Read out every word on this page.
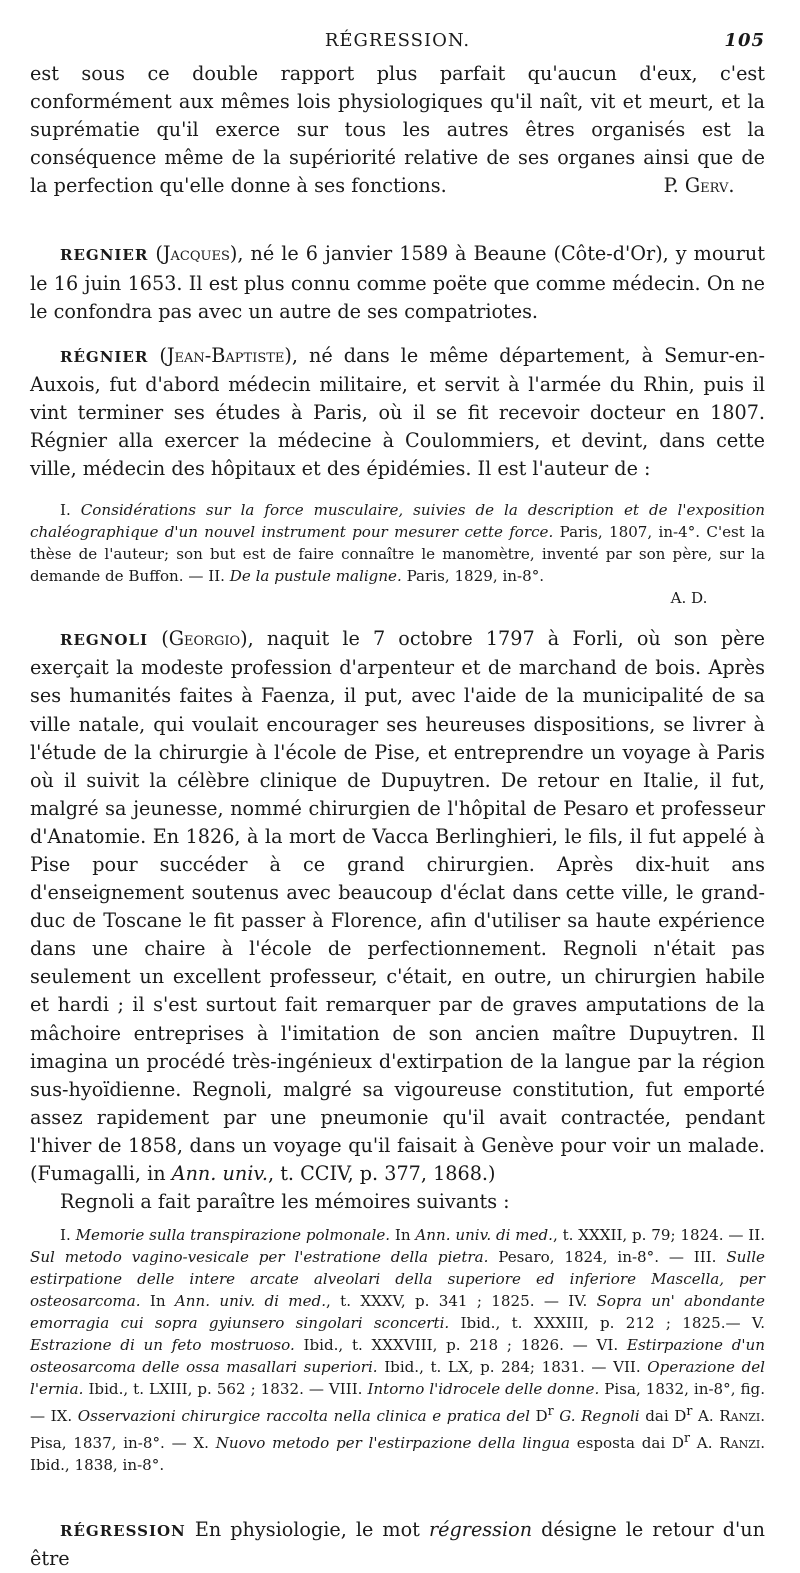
RÉGRESSION.	105

est sous ce double rapport plus parfait qu'aucun d'eux, c'est conformément aux mêmes lois physiologiques qu'il naît, vit et meurt, et la suprématie qu'il exerce sur tous les autres êtres organisés est la conséquence même de la supériorité relative de ses organes ainsi que de la perfection qu'elle donne à ses fonctions.	P. Gerv.

REGNIER (Jacques), né le 6 janvier 1589 à Beaune (Côte-d'Or), y mourut le 16 juin 1653. Il est plus connu comme poëte que comme médecin. On ne le confondra pas avec un autre de ses compatriotes.

RÉGNIER (Jean-Baptiste), né dans le même département, à Semur-en-Auxois, fut d'abord médecin militaire, et servit à l'armée du Rhin, puis il vint terminer ses études à Paris, où il se fit recevoir docteur en 1807. Régnier alla exercer la médecine à Coulommiers, et devint, dans cette ville, médecin des hôpitaux et des épidémies. Il est l'auteur de :

I. Considérations sur la force musculaire, suivies de la description et de l'exposition chaléographique d'un nouvel instrument pour mesurer cette force. Paris, 1807, in-4°. C'est la thèse de l'auteur; son but est de faire connaître le manomètre, inventé par son père, sur la demande de Buffon. — II. De la pustule maligne. Paris, 1829, in-8°.

A. D.

REGNOLI (Georgio), naquit le 7 octobre 1797 à Forli, où son père exerçait la modeste profession d'arpenteur et de marchand de bois. Après ses humanités faites à Faenza, il put, avec l'aide de la municipalité de sa ville natale, qui voulait encourager ses heureuses dispositions, se livrer à l'étude de la chirurgie à l'école de Pise, et entreprendre un voyage à Paris où il suivit la célèbre clinique de Dupuytren. De retour en Italie, il fut, malgré sa jeunesse, nommé chirurgien de l'hôpital de Pesaro et professeur d'Anatomie. En 1826, à la mort de Vacca Berlinghieri, le fils, il fut appelé à Pise pour succéder à ce grand chirurgien. Après dix-huit ans d'enseignement soutenus avec beaucoup d'éclat dans cette ville, le grand-duc de Toscane le fit passer à Florence, afin d'utiliser sa haute expérience dans une chaire à l'école de perfectionnement. Regnoli n'était pas seulement un excellent professeur, c'était, en outre, un chirurgien habile et hardi ; il s'est surtout fait remarquer par de graves amputations de la mâchoire entreprises à l'imitation de son ancien maître Dupuytren. Il imagina un procédé très-ingénieux d'extirpation de la langue par la région sus-hyoïdienne. Regnoli, malgré sa vigoureuse constitution, fut emporté assez rapidement par une pneumonie qu'il avait contractée, pendant l'hiver de 1858, dans un voyage qu'il faisait à Genève pour voir un malade. (Fumagalli, in Ann. univ., t. CCIV, p. 377, 1868.)

Regnoli a fait paraître les mémoires suivants :

I. Memorie sulla transpirazione polmonale. In Ann. univ. di med., t. XXXII, p. 79; 1824. — II. Sul metodo vagino-vesicale per l'estratione della pietra. Pesaro, 1824, in-8°. — III. Sulle estirpatione delle intere arcate alveolari della superiore ed inferiore Mascella, per osteosarcoma. In Ann. univ. di med., t. XXXV, p. 341 ; 1825. — IV. Sopra un' abondante emorragia cui sopra gyiunsero singolari sconcerti. Ibid., t. XXXIII, p. 212 ; 1825.— V. Estrazione di un feto mostruoso. Ibid., t. XXXVIII, p. 218 ; 1826. — VI. Estirpazione d'un osteosarcoma delle ossa masallari superiori. Ibid., t. LX, p. 284; 1831. — VII. Operazione del l'ernia. Ibid., t. LXIII, p. 562 ; 1832. — VIII. Intorno l'idrocele delle donne. Pisa, 1832, in-8°, fig.— IX. Osservazioni chirurgice raccolta nella clinica e pratica del $D^r$ G. Regnoli dai $D^r$ A. Ranzi. Pisa, 1837, in-8°. — X. Nuovo metodo per l'estirpazione della lingua esposta dai $D^r$ A. Ranzi. Ibid., 1838, in-8°.

RÉGRESSION En physiologie, le mot régression désigne le retour d'un être
